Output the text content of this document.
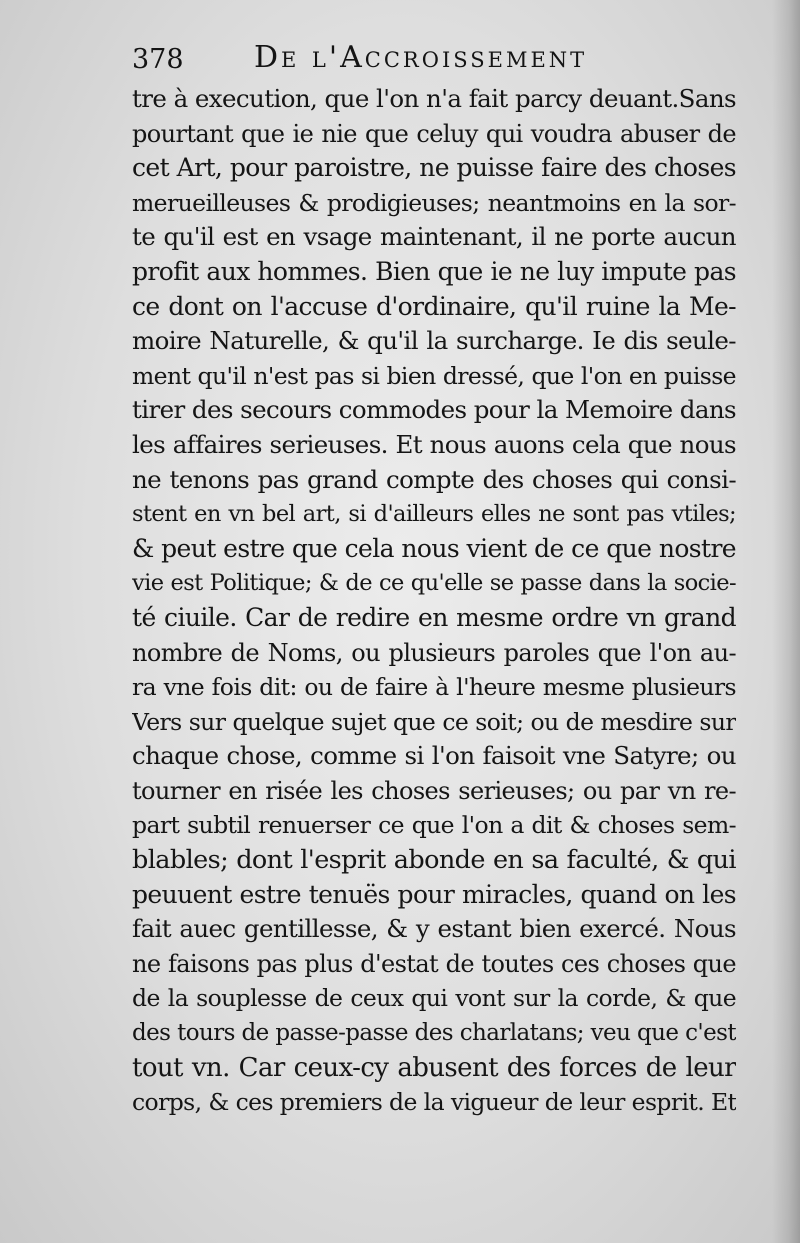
378 De l'Accroissement
tre à execution, que l'on n'a fait parcy deuant.Sans
pourtant que ie nie que celuy qui voudra abuser de
cet Art, pour paroistre, ne puisse faire des choses
merueilleuses & prodigieuses; neantmoins en la sor-
te qu'il est en vsage maintenant, il ne porte aucun
profit aux hommes. Bien que ie ne luy impute pas
ce dont on l'accuse d'ordinaire, qu'il ruine la Me-
moire Naturelle, & qu'il la surcharge. Ie dis seule-
ment qu'il n'est pas si bien dressé, que l'on en puisse
tirer des secours commodes pour la Memoire dans
les affaires serieuses. Et nous auons cela que nous
ne tenons pas grand compte des choses qui consi-
stent en vn bel art, si d'ailleurs elles ne sont pas vtiles;
& peut estre que cela nous vient de ce que nostre
vie est Politique; & de ce qu'elle se passe dans la socie-
té ciuile. Car de redire en mesme ordre vn grand
nombre de Noms, ou plusieurs paroles que l'on au-
ra vne fois dit: ou de faire à l'heure mesme plusieurs
Vers sur quelque sujet que ce soit; ou de mesdire sur
chaque chose, comme si l'on faisoit vne Satyre; ou
tourner en risée les choses serieuses; ou par vn re-
part subtil renuerser ce que l'on a dit & choses sem-
blables; dont l'esprit abonde en sa faculté, & qui
peuuent estre tenuës pour miracles, quand on les
fait auec gentillesse, & y estant bien exercé. Nous
ne faisons pas plus d'estat de toutes ces choses que
de la souplesse de ceux qui vont sur la corde, & que
des tours de passe-passe des charlatans; veu que c'est
tout vn. Car ceux-cy abusent des forces de leur
corps, & ces premiers de la vigueur de leur esprit. Et
